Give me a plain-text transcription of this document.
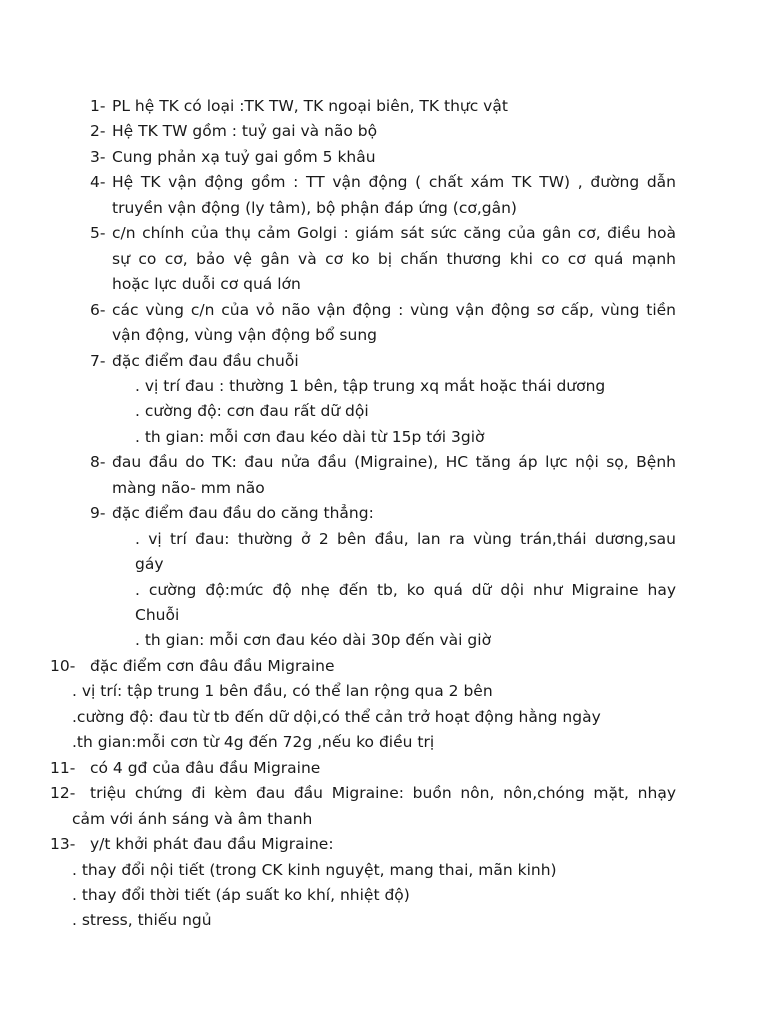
1- PL hệ TK có loại :TK TW, TK ngoại biên, TK thực vật
2- Hệ TK TW gồm : tuỷ gai và não bộ
3- Cung phản xạ tuỷ gai gồm 5 khâu
4- Hệ TK vận động gồm : TT vận động ( chất xám TK TW) , đường dẫn
truyền vận động (ly tâm), bộ phận đáp ứng (cơ,gân)
5- c/n chính của thụ cảm Golgi : giám sát sức căng của gân cơ, điều hoà
sự co cơ, bảo vệ gân và cơ ko bị chấn thương khi co cơ quá mạnh
hoặc lực duỗi cơ quá lớn
6- các vùng c/n của vỏ não vận động : vùng vận động sơ cấp, vùng tiền
vận động, vùng vận động bổ sung
7- đặc điểm đau đầu chuỗi
. vị trí đau : thường 1 bên, tập trung xq mắt hoặc thái dương
. cường độ: cơn đau rất dữ dội
. th gian: mỗi cơn đau kéo dài từ 15p tới 3giờ
8- đau đầu do TK: đau nửa đầu (Migraine), HC tăng áp lực nội sọ, Bệnh
màng não- mm não
9- đặc điểm đau đầu do căng thẳng:
. vị trí đau: thường ở 2 bên đầu, lan ra vùng trán,thái dương,sau
gáy
. cường độ:mức độ nhẹ đến tb, ko quá dữ dội như Migraine hay
Chuỗi
. th gian: mỗi cơn đau kéo dài 30p đến vài giờ
10- đặc điểm cơn đâu đầu Migraine
. vị trí: tập trung 1 bên đầu, có thể lan rộng qua 2 bên
.cường độ: đau từ tb đến dữ dội,có thể cản trở hoạt động hằng ngày
.th gian:mỗi cơn từ 4g đến 72g ,nếu ko điều trị
11- có 4 gđ của đâu đầu Migraine
12- triệu chứng đi kèm đau đầu Migraine: buồn nôn, nôn,chóng mặt, nhạy
cảm với ánh sáng và âm thanh
13- y/t khởi phát đau đầu Migraine:
. thay đổi nội tiết (trong CK kinh nguyệt, mang thai, mãn kinh)
. thay đổi thời tiết (áp suất ko khí, nhiệt độ)
. stress, thiếu ngủ
